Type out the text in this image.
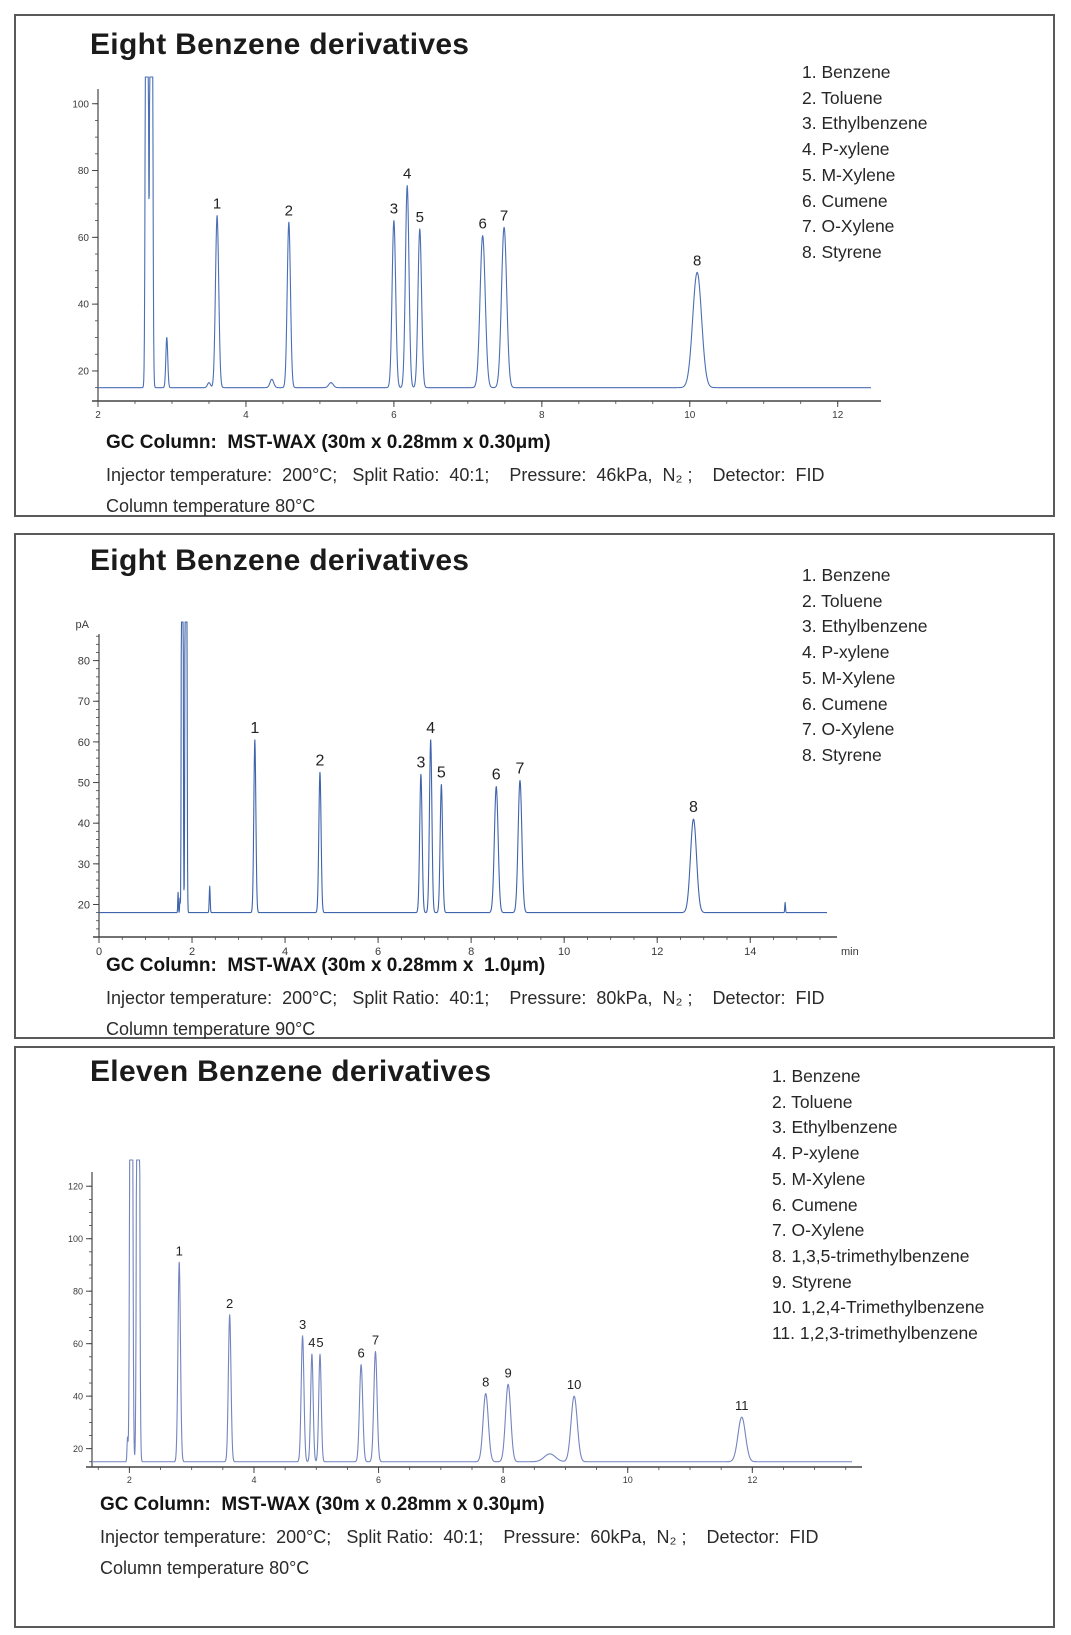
Eight Benzene derivatives
1. Benzene
2. Toluene
3. Ethylbenzene
4. P-xylene
5. M-Xylene
6. Cumene
7. O-Xylene
8. Styrene
2	4	6	8	10	12
20
40
60
80
100
1	2	3
4
5	6 7
8
GC Column:  MST-WAX (30m x 0.28mm x 0.30μm)
Injector temperature:  200°C;   Split Ratio:  40:1;    Pressure:  46kPa,  N₂ ;    Detector:  FID
Column temperature 80°C
Eight Benzene derivatives	1. Benzene
2. Toluene
3. Ethylbenzene
4. P-xylene
5. M-Xylene
6. Cumene
7. O-Xylene
8. Styrene
0	2	4	6	8	10	12	14
20
30
40
50
60
70
80
pA
min
1
2	3
4
5	6 7
8
GC Column:  MST-WAX (30m x 0.28mm x  1.0μm)
Injector temperature:  200°C;   Split Ratio:  40:1;    Pressure:  80kPa,  N₂ ;    Detector:  FID
Column temperature 90°C
Eleven Benzene derivatives	1. Benzene
2. Toluene
3. Ethylbenzene
4. P-xylene
5. M-Xylene
6. Cumene
7. O-Xylene
8. 1,3,5-trimethylbenzene
9. Styrene
10. 1,2,4-Trimethylbenzene
11. 1,2,3-trimethylbenzene
2	4	6	8	10	12
20
40
60
80
100
120
1
2
3
4 5
6
7
8
9
10
11
GC Column:  MST-WAX (30m x 0.28mm x 0.30μm)
Injector temperature:  200°C;   Split Ratio:  40:1;    Pressure:  60kPa,  N₂ ;    Detector:  FID
Column temperature 80°C
